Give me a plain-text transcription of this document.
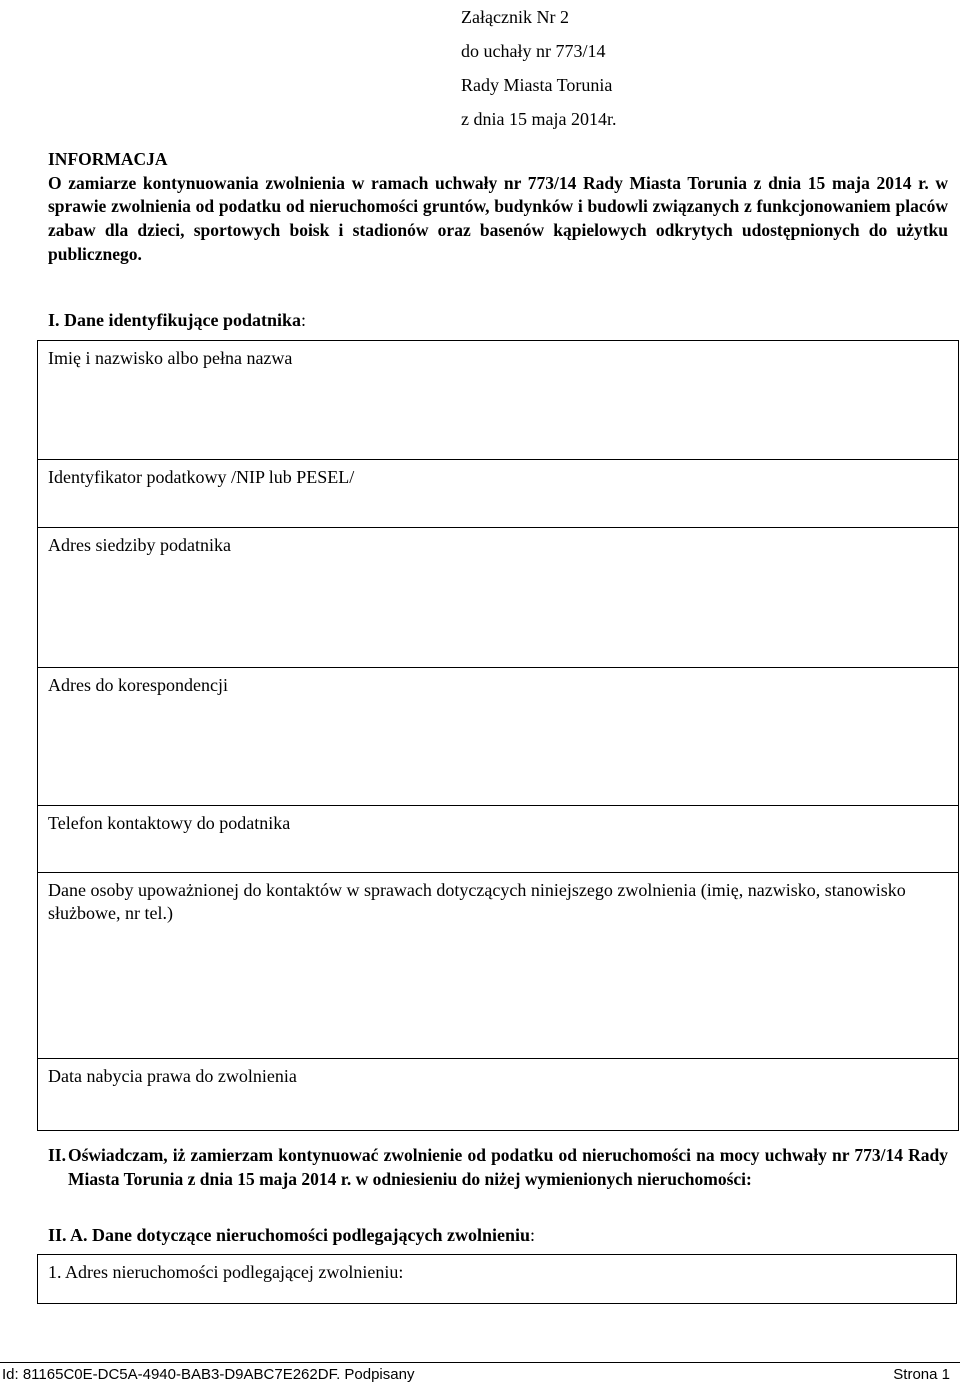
Załącznik Nr 2
do uchały nr 773/14
Rady Miasta Torunia
z dnia 15 maja 2014r.
INFORMACJA
O zamiarze kontynuowania zwolnienia w ramach uchwały nr 773/14 Rady Miasta Torunia z dnia 15 maja 2014 r. w sprawie zwolnienia od podatku od nieruchomości gruntów, budynków i budowli związanych z funkcjonowaniem placów zabaw dla dzieci, sportowych boisk i stadionów oraz basenów kąpielowych odkrytych udostępnionych do użytku publicznego.
I. Dane identyfikujące podatnika:
Imię i nazwisko albo pełna nazwa
Identyfikator podatkowy /NIP lub PESEL/
Adres siedziby podatnika
Adres do korespondencji
Telefon kontaktowy do podatnika
Dane osoby upoważnionej do kontaktów w sprawach dotyczących niniejszego zwolnienia (imię, nazwisko, stanowisko służbowe, nr tel.)
Data nabycia prawa do zwolnienia
II. Oświadczam, iż zamierzam kontynuować zwolnienie od podatku od nieruchomości na mocy uchwały nr 773/14 Rady Miasta Torunia z dnia 15 maja 2014 r. w odniesieniu do niżej wymienionych nieruchomości:
II. A. Dane dotyczące nieruchomości podlegających zwolnieniu:
1. Adres nieruchomości podlegającej zwolnieniu:
Id: 81165C0E-DC5A-4940-BAB3-D9ABC7E262DF. Podpisany	Strona 1
